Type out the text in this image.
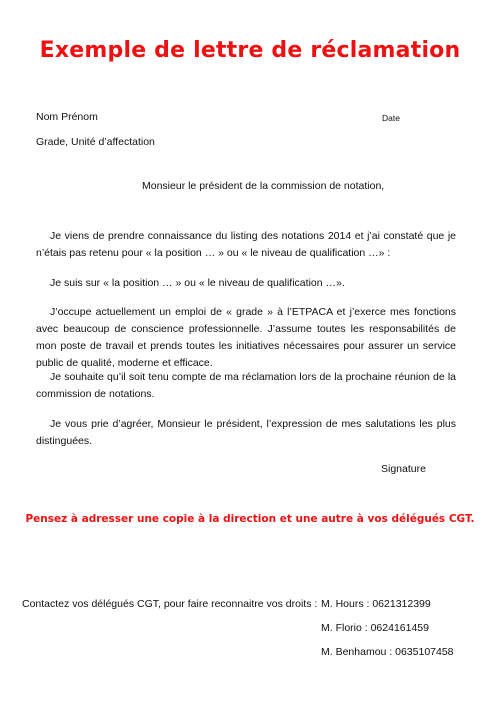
Exemple de lettre de réclamation
Nom Prénom	Date
Grade, Unité d’affectation
Monsieur le président de la commission de notation,
Je viens de prendre connaissance du listing des notations 2014 et j’ai constaté que je n’étais pas retenu pour « la position … » ou « le niveau de qualification …» :
Je suis sur « la position … » ou « le niveau de qualification …».
J’occupe actuellement un emploi de « grade » à l’ETPACA et j’exerce mes fonctions avec beaucoup de conscience professionnelle. J’assume toutes les responsabilités de mon poste de travail et prends toutes les initiatives nécessaires pour assurer un service public de qualité, moderne et efficace.
Je souhaite qu’il soit tenu compte de ma réclamation lors de la prochaine réunion de la commission de notations.
Je vous prie d’agréer, Monsieur le président, l’expression de mes salutations les plus distinguées.
Signature
Pensez à adresser une copie à la direction et une autre à vos délégués CGT.
Contactez vos délégués CGT, pour faire reconnaitre vos droits : M. Hours : 0621312399
M. Florio : 0624161459
M. Benhamou : 0635107458
